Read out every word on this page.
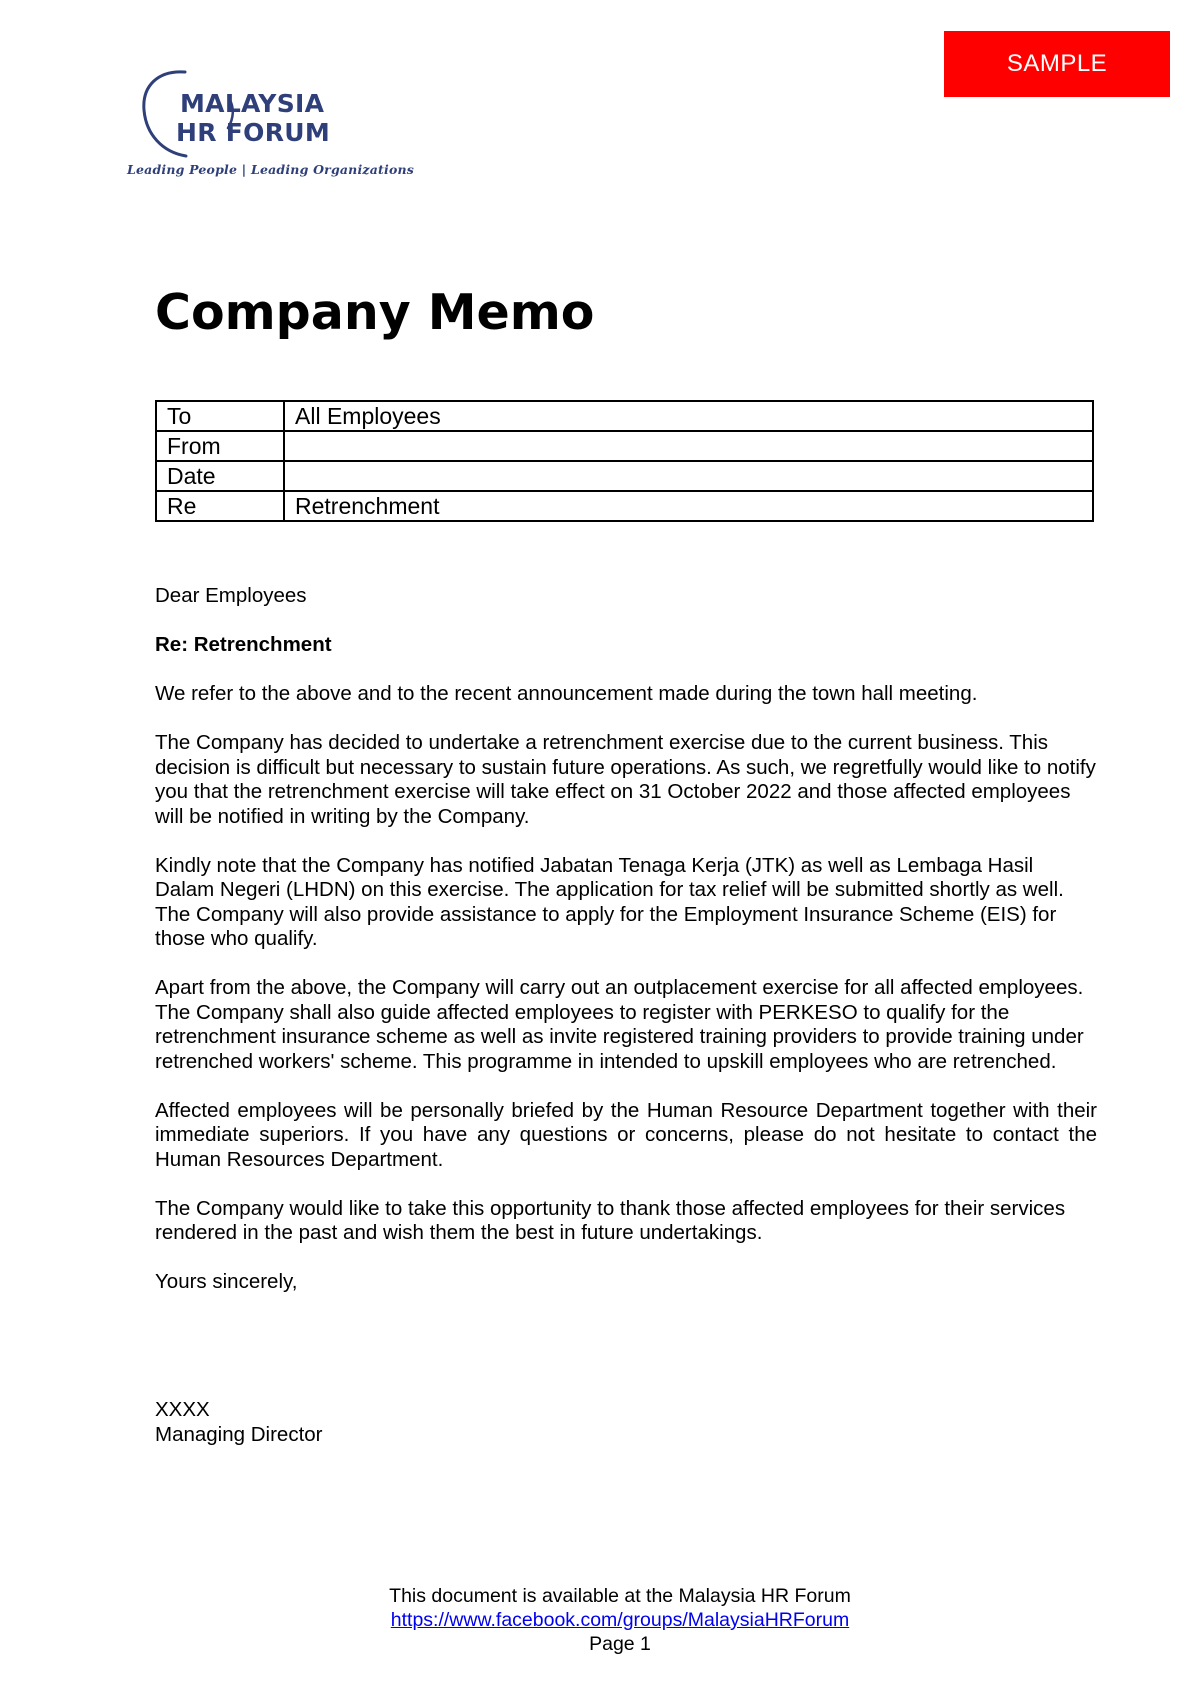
SAMPLE
MALAYSIA
HR FORUM
Leading People | Leading Organizations
Company Memo
To	All Employees
From	
Date	
Re	Retrenchment

Dear Employees

Re: Retrenchment

We refer to the above and to the recent announcement made during the town hall meeting.

The Company has decided to undertake a retrenchment exercise due to the current business. This decision is difficult but necessary to sustain future operations. As such, we regretfully would like to notify you that the retrenchment exercise will take effect on 31 October 2022 and those affected employees will be notified in writing by the Company.

Kindly note that the Company has notified Jabatan Tenaga Kerja (JTK) as well as Lembaga Hasil Dalam Negeri (LHDN) on this exercise. The application for tax relief will be submitted shortly as well. The Company will also provide assistance to apply for the Employment Insurance Scheme (EIS) for those who qualify.

Apart from the above, the Company will carry out an outplacement exercise for all affected employees. The Company shall also guide affected employees to register with PERKESO to qualify for the retrenchment insurance scheme as well as invite registered training providers to provide training under retrenched workers' scheme. This programme in intended to upskill employees who are retrenched.

Affected employees will be personally briefed by the Human Resource Department together with their immediate superiors. If you have any questions or concerns, please do not hesitate to contact the Human Resources Department.

The Company would like to take this opportunity to thank those affected employees for their services rendered in the past and wish them the best in future undertakings.

Yours sincerely,

XXXX
Managing Director
This document is available at the Malaysia HR Forum
https://www.facebook.com/groups/MalaysiaHRForum
Page 1
